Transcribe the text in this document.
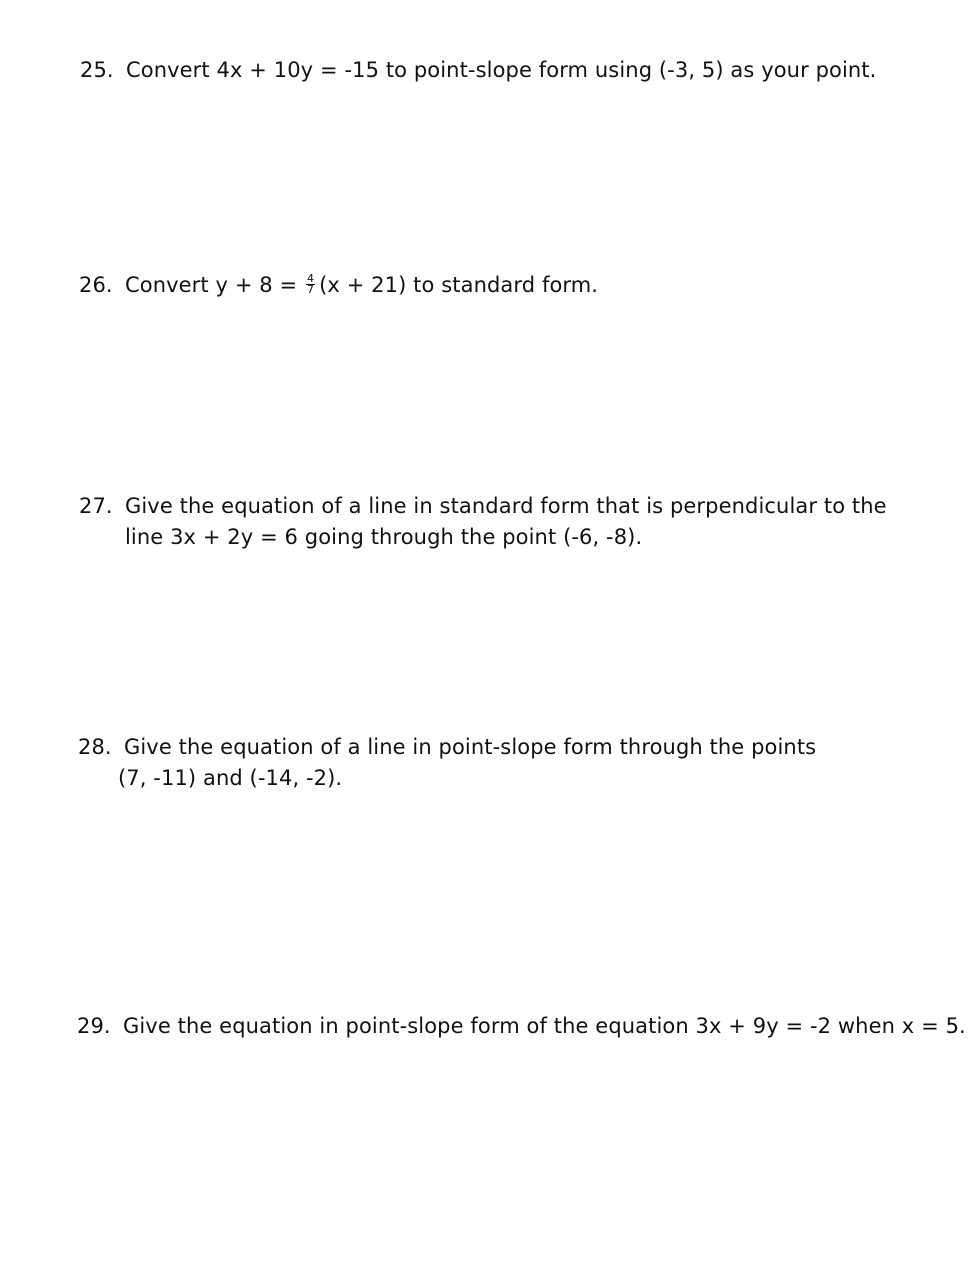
25. Convert 4x + 10y = -15 to point-slope form using (-3, 5) as your point.
26. Convert $y + 8 = \frac{4}{7} (x + 21)$ to standard form.
27. Give the equation of a line in standard form that is perpendicular to the
line 3x + 2y = 6 going through the point (-6, -8).
28. Give the equation of a line in point-slope form through the points
(7, -11) and (-14, -2).
29. Give the equation in point-slope form of the equation 3x + 9y = -2 when x = 5.
